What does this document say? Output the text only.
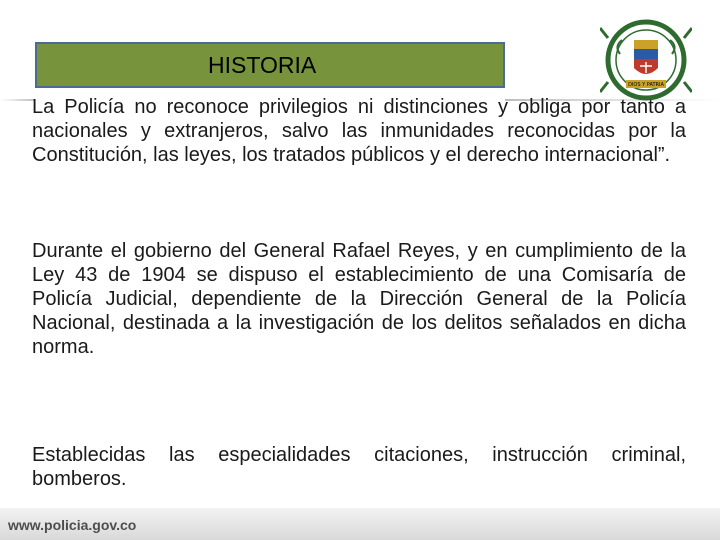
HISTORIA
DIOS Y PATRIA

La Policía no reconoce privilegios ni distinciones y obliga por tanto a nacionales y extranjeros, salvo las inmunidades reconocidas por la Constitución, las leyes, los tratados públicos y el derecho internacional”.

Durante el gobierno del General Rafael Reyes, y en cumplimiento de la Ley 43 de 1904 se dispuso el establecimiento de una Comisaría de Policía Judicial, dependiente de la Dirección General de la Policía Nacional, destinada a la investigación de los delitos señalados en dicha norma.

Establecidas las especialidades citaciones, instrucción criminal, bomberos.

www.policia.gov.co
